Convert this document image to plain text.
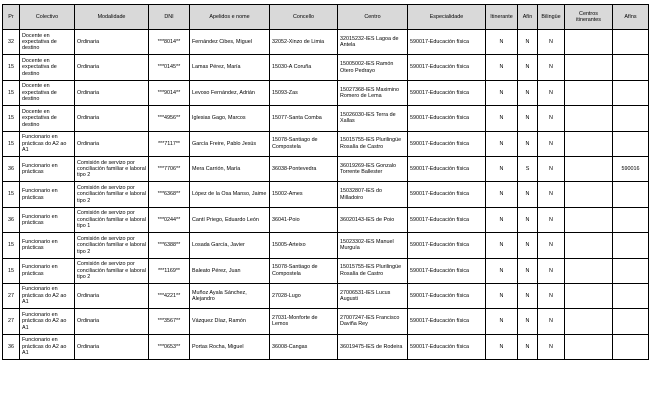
Pr	Colectivo	Modalidade	DNI	Apelidos e nome	Concello	Centro	Especialidade	Itinerante	Afín	Bilingüe	Centros itinerantes	Afíns
32	Docente en expectativa de destino	Ordinaria	***8014**	Fernández Cibes, Miguel	32052-Xinzo de Limia	32015232-IES Lagoa de Antela	590017-Educación física	N	N	N		
15	Docente en expectativa de destino	Ordinaria	***0145**	Lamas Pérez, María	15030-A Coruña	15005002-IES Ramón Otero Pedrayo	590017-Educación física	N	N	N		
15	Docente en expectativa de destino	Ordinaria	***9014**	Levoso Fernández, Adrián	15093-Zas	15027368-IES Maximino Romero de Lema	590017-Educación física	N	N	N		
15	Docente en expectativa de destino	Ordinaria	***4956**	Iglesias Gago, Marcos	15077-Santa Comba	15026030-IES Terra de Xallas	590017-Educación física	N	N	N		
15	Funcionario en prácticas do A2 ao A1	Ordinaria	***7117**	García Freire, Pablo Jesús	15078-Santiago de Compostela	15015755-IES Plurilingüe Rosalía de Castro	590017-Educación física	N	N	N		
36	Funcionario en prácticas	Comisión de servizo por conciliación familiar e laboral tipo 2	***7706**	Mera Carrión, María	36038-Pontevedra	36019269-IES Gonzalo Torrente Ballester	590017-Educación física	N	S	N		590016
15	Funcionario en prácticas	Comisión de servizo por conciliación familiar e laboral tipo 2	***6368**	López de la Osa Manso, Jaime	15002-Ames	15032807-IES do Milladoiro	590017-Educación física	N	N	N		
36	Funcionario en prácticas	Comisión de servizo por conciliación familiar e laboral tipo 1	***0244**	Cantí Priego, Eduardo León	36041-Poio	36020143-IES de Poio	590017-Educación física	N	N	N		
15	Funcionario en prácticas	Comisión de servizo por conciliación familiar e laboral tipo 2	***6388**	Losada García, Javier	15005-Arteixo	15023302-IES Manuel Murguía	590017-Educación física	N	N	N		
15	Funcionario en prácticas	Comisión de servizo por conciliación familiar e laboral tipo 2	***1169**	Baleato Pérez, Juan	15078-Santiago de Compostela	15015755-IES Plurilingüe Rosalía de Castro	590017-Educación física	N	N	N		
27	Funcionario en prácticas do A2 ao A1	Ordinaria	***4221**	Muñoz Ayala Sánchez, Alejandro	27028-Lugo	27006531-IES Lucus Augusti	590017-Educación física	N	N	N		
27	Funcionario en prácticas do A2 ao A1	Ordinaria	***3567**	Vázquez Díaz, Ramón	27031-Monforte de Lemos	27007247-IES Francisco Daviña Rey	590017-Educación física	N	N	N		
36	Funcionario en prácticas do A2 ao A1	Ordinaria	***0653**	Portas Rocha, Miguel	36008-Cangas	36019475-IES de Rodeira	590017-Educación física	N	N	N		
